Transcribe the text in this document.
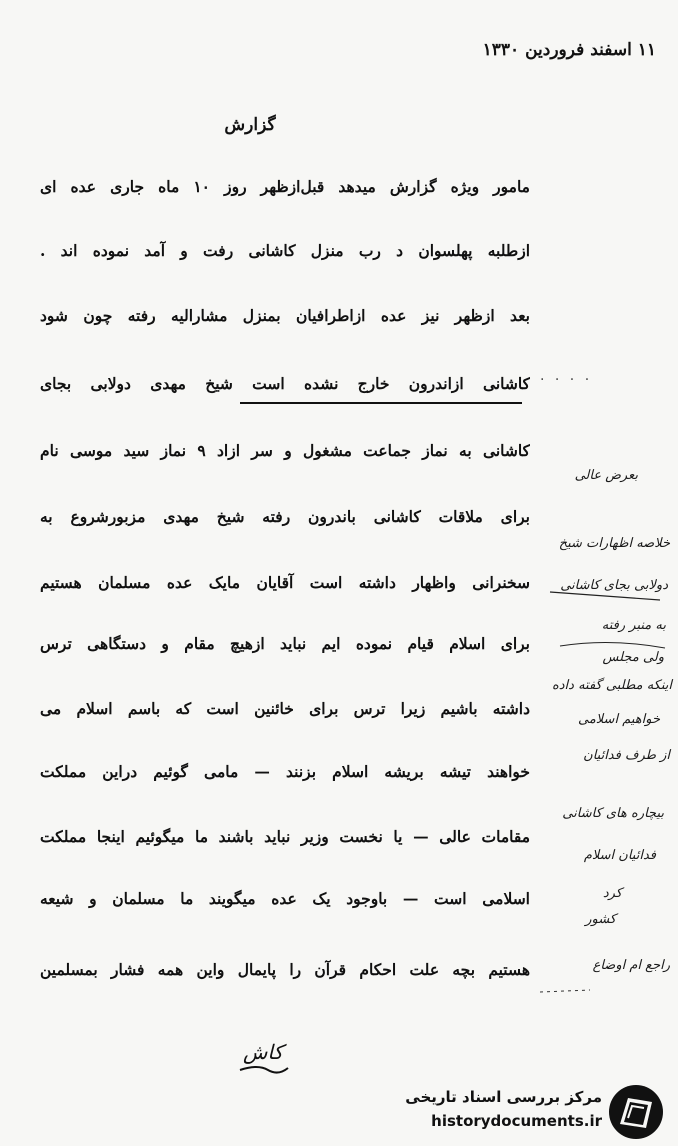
۱۱ اسفند فروردین ۱۳۳۰
گزارش
مامور ویژه گزارش میدهد قبل‌ازظهر روز ۱۰ ماه جاری عده ای
ازطلبه ‌پهلسوان د رب منزل کاشانی رفت و آمد نموده اند .
بعد ازظهر نیز عده ازاطرافیان بمنزل مشارالیه رفته چون شود
کاشانی ازاندرون خارج نشده است شیخ مهدی دولابی بجای
کاشانی به نماز جماعت مشغول و سر ازاد ۹ نماز سید موسی نام
برای ملاقات کاشانی باندرون رفته شیخ مهدی مزبورشروع به
سخنرانی واظهار داشته است آقایان مایک عده مسلمان هستیم
برای اسلام قیام نموده ایم نباید ازهیچ مقام و دستگاهی ترس
داشته باشیم زیرا ترس برای خائنین است که باسم اسلام می
خواهند تیشه بریشه اسلام بزنند — مامی گوئیم دراین مملکت
مقامات عالی — یا نخست وزیر نباید باشند ما میگوئیم اینجا مملکت
اسلامی است — باوجود یک عده میگویند ما مسلمان و شیعه
هستیم بچه علت احکام قرآن را پایمال واین همه فشار بمسلمین
· · · ·
بعرض عالی
خلاصه اظهارات شیخ
دولابی بجای کاشانی
به منبر رفته
ولی مجلس
اینکه مطلبی گفته داده
خواهیم اسلامی
از طرف فدائیان
بیچاره های کاشانی
فدائیان اسلام
کرد
کشور
راجع ام اوضاع
کاش
مرکز بررسی اسناد تاریخی
historydocuments.ir
